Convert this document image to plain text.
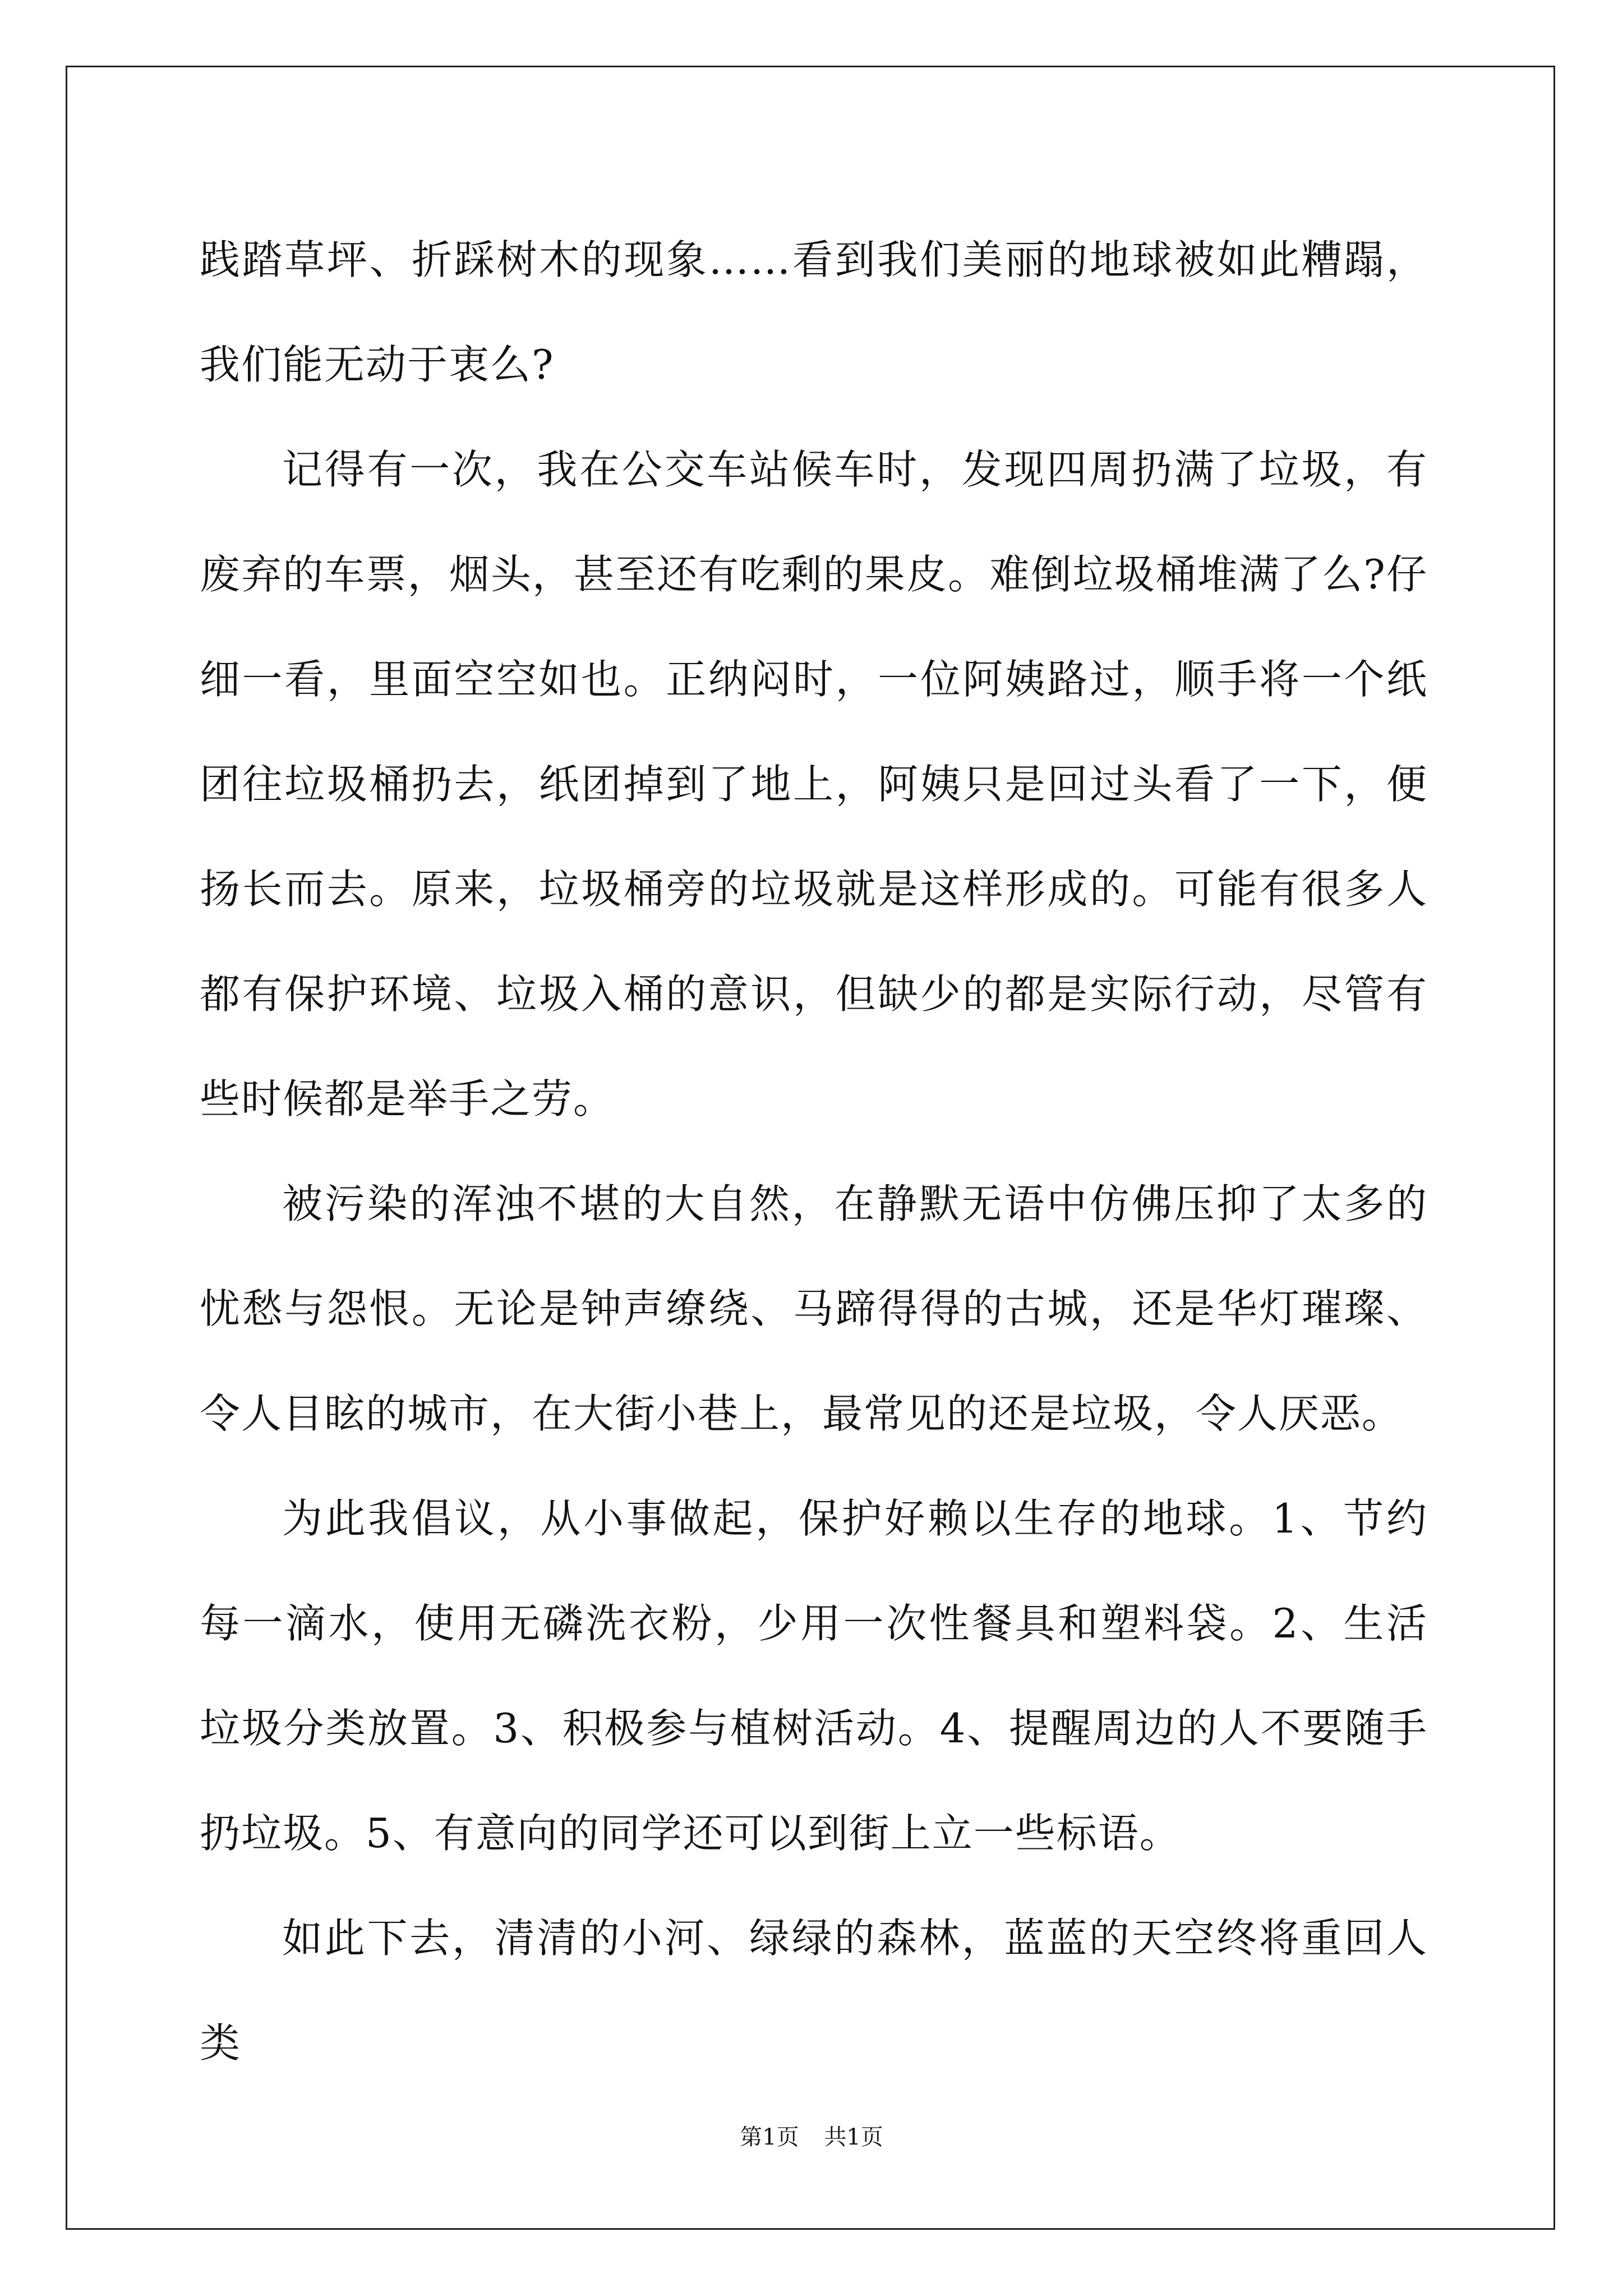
践踏草坪、折踩树木的现象……看到我们美丽的地球被如此糟蹋，我们能无动于衷么?

记得有一次，我在公交车站候车时，发现四周扔满了垃圾，有废弃的车票，烟头，甚至还有吃剩的果皮。难倒垃圾桶堆满了么?仔细一看，里面空空如也。正纳闷时，一位阿姨路过，顺手将一个纸团往垃圾桶扔去，纸团掉到了地上，阿姨只是回过头看了一下，便扬长而去。原来，垃圾桶旁的垃圾就是这样形成的。可能有很多人都有保护环境、垃圾入桶的意识，但缺少的都是实际行动，尽管有些时候都是举手之劳。

被污染的浑浊不堪的大自然，在静默无语中仿佛压抑了太多的忧愁与怨恨。无论是钟声缭绕、马蹄得得的古城，还是华灯璀璨、令人目眩的城市，在大街小巷上，最常见的还是垃圾，令人厌恶。

为此我倡议，从小事做起，保护好赖以生存的地球。1、节约每一滴水，使用无磷洗衣粉，少用一次性餐具和塑料袋。2、生活垃圾分类放置。3、积极参与植树活动。4、提醒周边的人不要随手扔垃圾。5、有意向的同学还可以到街上立一些标语。

如此下去，清清的小河、绿绿的森林，蓝蓝的天空终将重回人类

第1页 共1页
